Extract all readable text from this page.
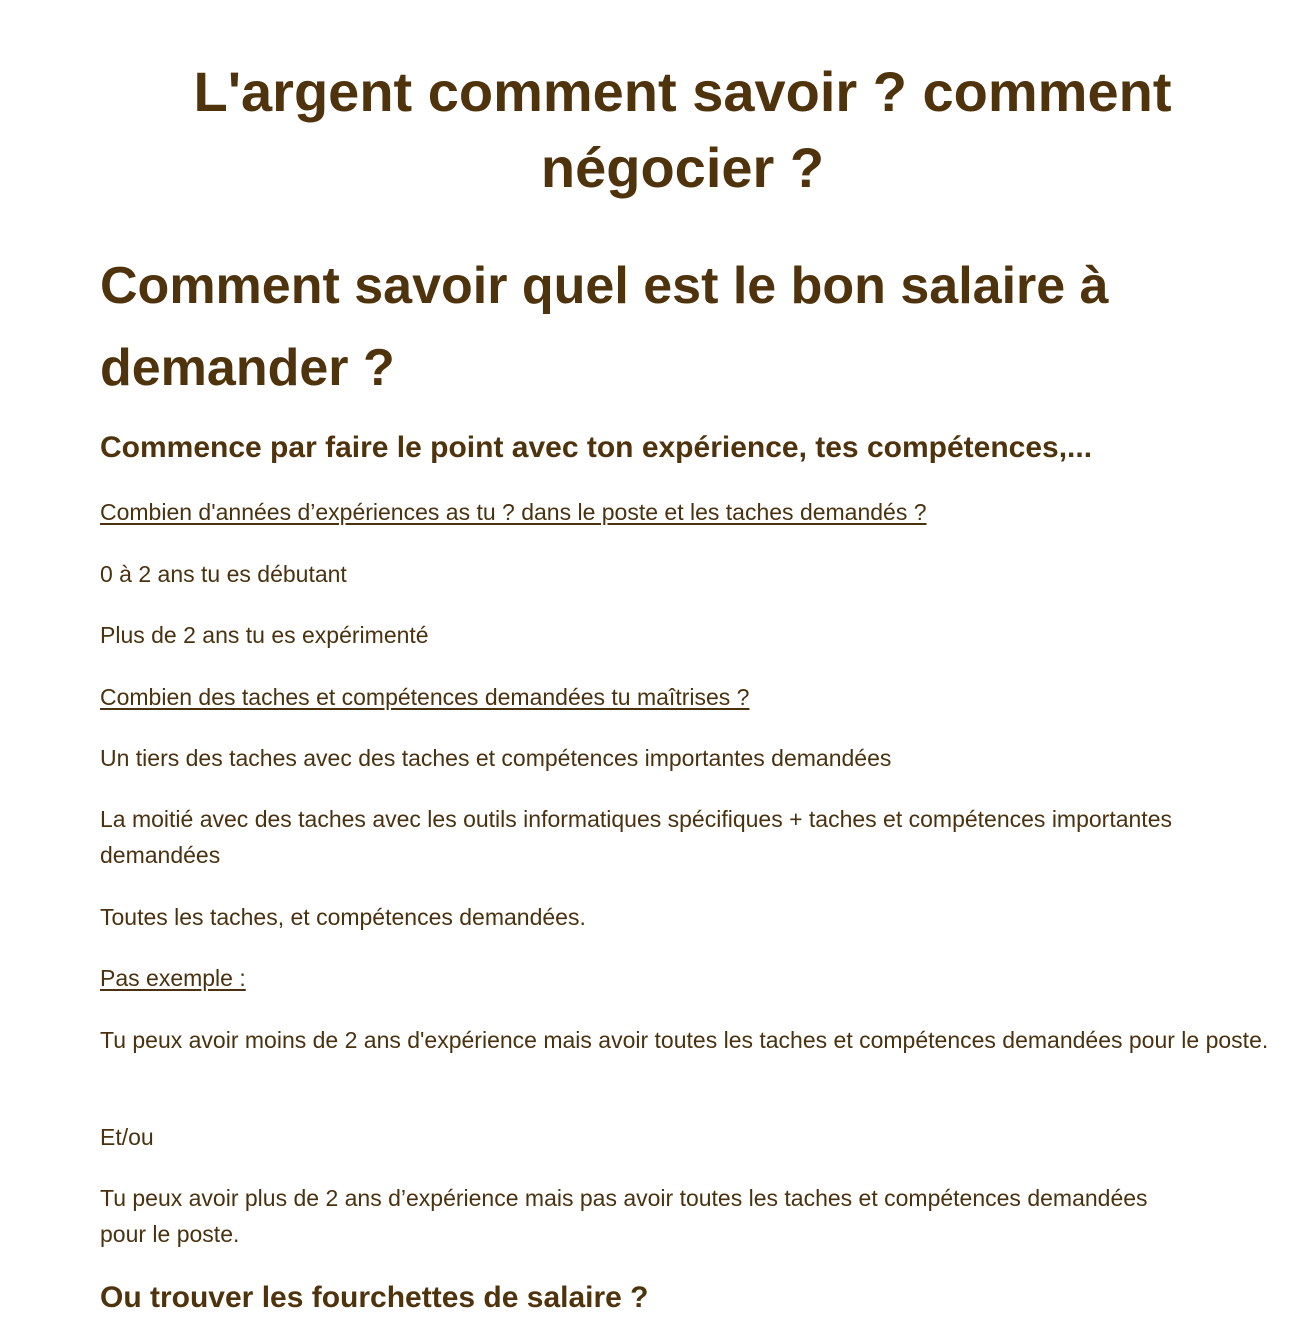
L'argent comment savoir ? comment négocier ?
Comment savoir quel est le bon salaire à demander ?
Commence par faire le point avec ton expérience, tes compétences,...

Combien d'années d’expériences as tu ? dans le poste et les taches demandés ?

0 à 2 ans tu es débutant

Plus de 2 ans tu es expérimenté

Combien des taches et compétences demandées tu maîtrises ?

Un tiers des taches avec des taches et compétences importantes demandées

La moitié avec des taches avec les outils informatiques spécifiques + taches et compétences importantes demandées

Toutes les taches, et compétences demandées.

Pas exemple :

Tu peux avoir moins de 2 ans d'expérience mais avoir toutes les taches et compétences demandées pour le poste.

Et/ou

Tu peux avoir plus de 2 ans d’expérience mais pas avoir toutes les taches et compétences demandées pour le poste.

Ou trouver les fourchettes de salaire ?
